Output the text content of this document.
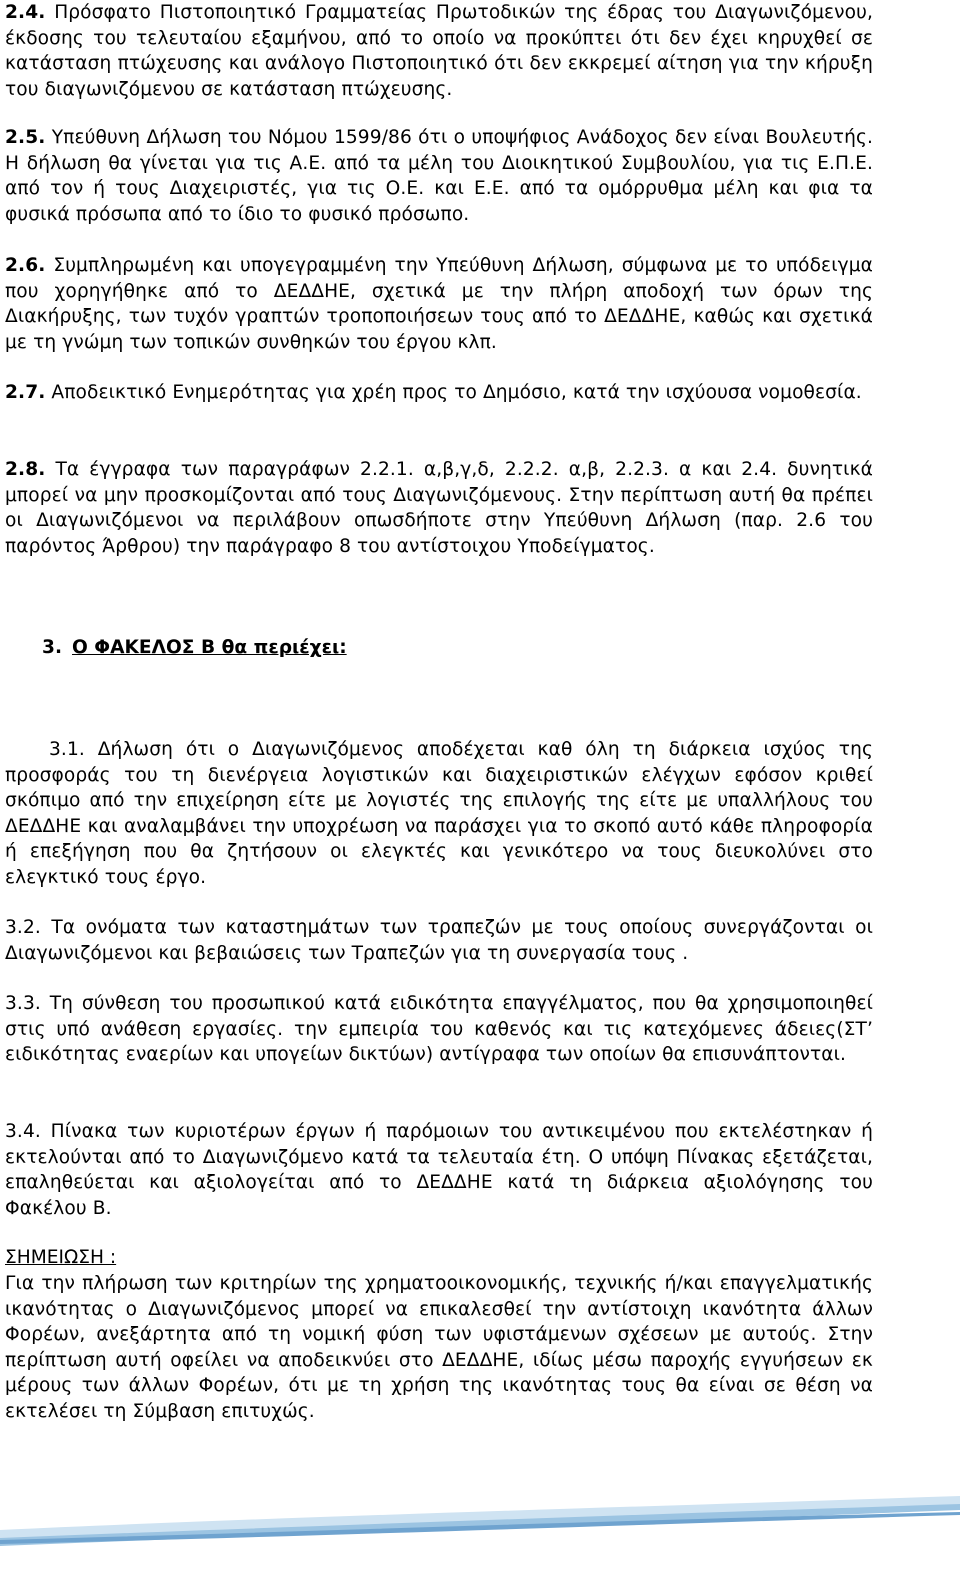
2.4. Πρόσφατο Πιστοποιητικό Γραμματείας Πρωτοδικών της έδρας του Διαγωνιζόμενου, έκδοσης του τελευταίου εξαμήνου, από το οποίο να προκύπτει ότι δεν έχει κηρυχθεί σε κατάσταση πτώχευσης και ανάλογο Πιστοποιητικό ότι δεν εκκρεμεί αίτηση για την κήρυξη του διαγωνιζόμενου σε κατάσταση πτώχευσης.

2.5. Υπεύθυνη Δήλωση του Νόμου 1599/86 ότι ο υποψήφιος Ανάδοχος δεν είναι Βουλευτής. Η δήλωση θα γίνεται για τις Α.Ε. από τα μέλη του Διοικητικού Συμβουλίου, για τις Ε.Π.Ε. από τον ή τους Διαχειριστές, για τις Ο.Ε. και Ε.Ε. από τα ομόρρυθμα μέλη και φια τα φυσικά πρόσωπα από το ίδιο το φυσικό πρόσωπο.

2.6. Συμπληρωμένη και υπογεγραμμένη την Υπεύθυνη Δήλωση, σύμφωνα με το υπόδειγμα που χορηγήθηκε από το ΔΕΔΔΗΕ, σχετικά με την πλήρη αποδοχή των όρων της Διακήρυξης, των τυχόν γραπτών τροποποιήσεων τους από το ΔΕΔΔΗΕ, καθώς και σχετικά με τη γνώμη των τοπικών συνθηκών του έργου κλπ.

2.7. Αποδεικτικό Ενημερότητας για χρέη προς το Δημόσιο, κατά την ισχύουσα νομοθεσία.

2.8. Τα έγγραφα των παραγράφων 2.2.1. α,β,γ,δ, 2.2.2. α,β, 2.2.3. α και 2.4. δυνητικά μπορεί να μην προσκομίζονται από τους Διαγωνιζόμενους. Στην περίπτωση αυτή θα πρέπει οι Διαγωνιζόμενοι να περιλάβουν οπωσδήποτε στην Υπεύθυνη Δήλωση (παρ. 2.6 του παρόντος Άρθρου) την παράγραφο 8 του αντίστοιχου Υποδείγματος.

3. Ο ΦΑΚΕΛΟΣ Β θα περιέχει:

3.1. Δήλωση ότι ο Διαγωνιζόμενος αποδέχεται καθ όλη τη διάρκεια ισχύος της προσφοράς του τη διενέργεια λογιστικών και διαχειριστικών ελέγχων εφόσον κριθεί σκόπιμο από την επιχείρηση είτε με λογιστές της επιλογής της είτε με υπαλλήλους του ΔΕΔΔΗΕ και αναλαμβάνει την υποχρέωση να παράσχει για το σκοπό αυτό κάθε πληροφορία ή επεξήγηση που θα ζητήσουν οι ελεγκτές και γενικότερο να τους διευκολύνει στο ελεγκτικό τους έργο.

3.2. Τα ονόματα των καταστημάτων των τραπεζών με τους οποίους συνεργάζονται οι Διαγωνιζόμενοι και βεβαιώσεις των Τραπεζών για τη συνεργασία τους .

3.3. Τη σύνθεση του προσωπικού κατά ειδικότητα επαγγέλματος, που θα χρησιμοποιηθεί στις υπό ανάθεση εργασίες. την εμπειρία του καθενός και τις κατεχόμενες άδειες(ΣΤ’ ειδικότητας εναερίων και υπογείων δικτύων) αντίγραφα των οποίων θα επισυνάπτονται.

3.4. Πίνακα των κυριοτέρων έργων ή παρόμοιων του αντικειμένου που εκτελέστηκαν ή εκτελούνται από το Διαγωνιζόμενο κατά τα τελευταία έτη. Ο υπόψη Πίνακας εξετάζεται, επαληθεύεται και αξιολογείται από το ΔΕΔΔΗΕ κατά τη διάρκεια αξιολόγησης του Φακέλου Β.

ΣΗΜΕΙΩΣΗ :

Για την πλήρωση των κριτηρίων της χρηματοοικονομικής, τεχνικής ή/και επαγγελματικής ικανότητας ο Διαγωνιζόμενος μπορεί να επικαλεσθεί την αντίστοιχη ικανότητα άλλων Φορέων, ανεξάρτητα από τη νομική φύση των υφιστάμενων σχέσεων με αυτούς. Στην περίπτωση αυτή οφείλει να αποδεικνύει στο ΔΕΔΔΗΕ, ιδίως μέσω παροχής εγγυήσεων εκ μέρους των άλλων Φορέων, ότι με τη χρήση της ικανότητας τους θα είναι σε θέση να εκτελέσει τη Σύμβαση επιτυχώς.
